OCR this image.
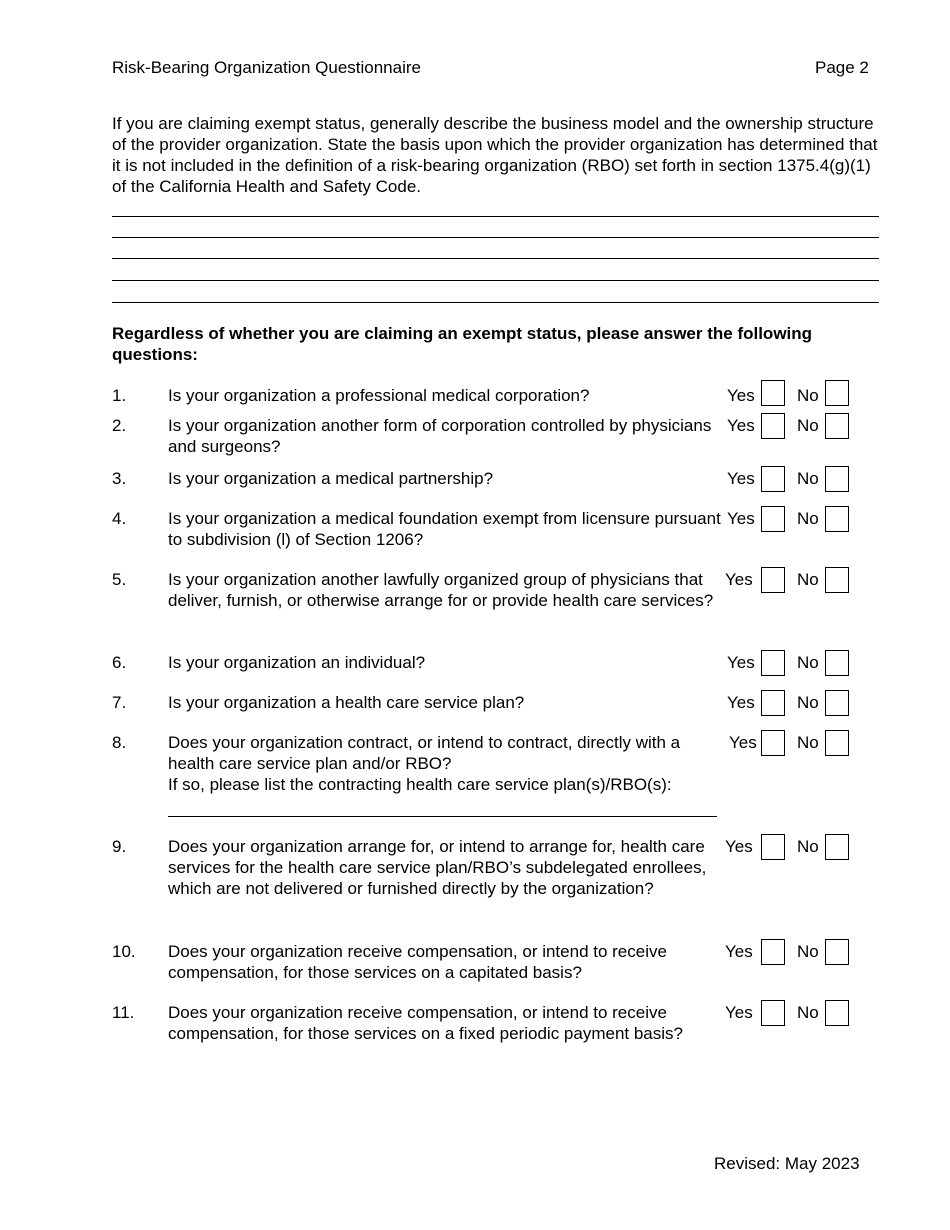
Risk-Bearing Organization Questionnaire	Page 2
If you are claiming exempt status, generally describe the business model and the ownership structure of the provider organization. State the basis upon which the provider organization has determined that it is not included in the definition of a risk-bearing organization (RBO) set forth in section 1375.4(g)(1) of the California Health and Safety Code.
Regardless of whether you are claiming an exempt status, please answer the following questions:
1. Is your organization a professional medical corporation?	Yes No
2. Is your organization another form of corporation controlled by physicians and surgeons?
Yes No
3. Is your organization a medical partnership?	Yes No
4. Is your organization a medical foundation exempt from licensure pursuant to subdivision (l) of Section 1206?
Yes No
5. Is your organization another lawfully organized group of physicians that deliver, furnish, or otherwise arrange for or provide health care services?
Yes	No
6. Is your organization an individual?	Yes No
7. Is your organization a health care service plan?	Yes No
8. Does your organization contract, or intend to contract, directly with a health care service plan and/or RBO?
If so, please list the contracting health care service plan(s)/RBO(s):
Yes No
9. Does your organization arrange for, or intend to arrange for, health care services for the health care service plan/RBO’s subdelegated enrollees, which are not delivered or furnished directly by the organization?
Yes	No
10. Does your organization receive compensation, or intend to receive compensation, for those services on a capitated basis?
Yes	No
11. Does your organization receive compensation, or intend to receive compensation, for those services on a fixed periodic payment basis?
Yes	No
Revised: May 2023
